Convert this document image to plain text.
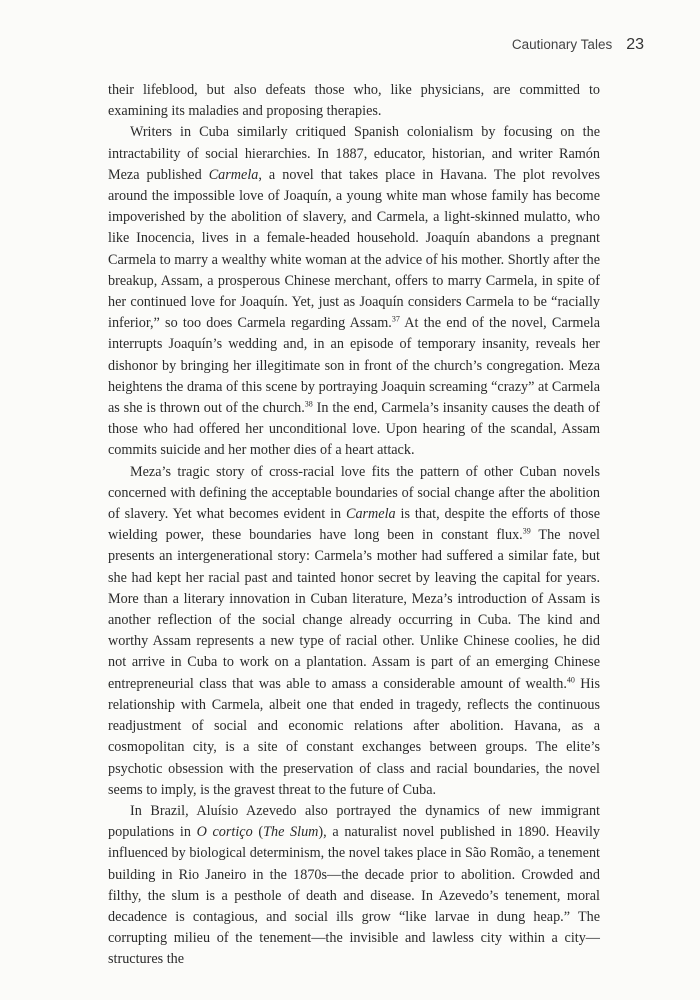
Cautionary Tales 23

their lifeblood, but also defeats those who, like physicians, are committed to examining its maladies and proposing therapies.

Writers in Cuba similarly critiqued Spanish colonialism by focusing on the intractability of social hierarchies. In 1887, educator, historian, and writer Ramón Meza published Carmela, a novel that takes place in Havana. The plot revolves around the impossible love of Joaquín, a young white man whose family has become impoverished by the abolition of slavery, and Carmela, a light-skinned mulatto, who like Inocencia, lives in a female-headed household. Joaquín abandons a pregnant Carmela to marry a wealthy white woman at the advice of his mother. Shortly after the breakup, Assam, a prosperous Chinese merchant, offers to marry Carmela, in spite of her continued love for Joaquín. Yet, just as Joaquín considers Carmela to be “racially inferior,” so too does Carmela regarding Assam.$^{37}$ At the end of the novel, Carmela interrupts Joaquín’s wedding and, in an episode of temporary insanity, reveals her dishonor by bringing her illegitimate son in front of the church’s congregation. Meza heightens the drama of this scene by portraying Joaquin screaming “crazy” at Carmela as she is thrown out of the church.$^{38}$ In the end, Carmela’s insanity causes the death of those who had offered her unconditional love. Upon hearing of the scandal, Assam commits suicide and her mother dies of a heart attack.

Meza’s tragic story of cross-racial love fits the pattern of other Cuban novels concerned with defining the acceptable boundaries of social change after the abolition of slavery. Yet what becomes evident in Carmela is that, despite the efforts of those wielding power, these boundaries have long been in constant flux.$^{39}$ The novel presents an intergenerational story: Carmela’s mother had suffered a similar fate, but she had kept her racial past and tainted honor secret by leaving the capital for years. More than a literary innovation in Cuban literature, Meza’s introduction of Assam is another reflection of the social change already occurring in Cuba. The kind and worthy Assam represents a new type of racial other. Unlike Chinese coolies, he did not arrive in Cuba to work on a plantation. Assam is part of an emerging Chinese entrepreneurial class that was able to amass a considerable amount of wealth.$^{40}$ His relationship with Carmela, albeit one that ended in tragedy, reflects the continuous readjustment of social and economic relations after abolition. Havana, as a cosmopolitan city, is a site of constant exchanges between groups. The elite’s psychotic obsession with the preservation of class and racial boundaries, the novel seems to imply, is the gravest threat to the future of Cuba.

In Brazil, Aluísio Azevedo also portrayed the dynamics of new immigrant populations in O cortiço (The Slum), a naturalist novel published in 1890. Heavily influenced by biological determinism, the novel takes place in São Romão, a tenement building in Rio Janeiro in the 1870s—the decade prior to abolition. Crowded and filthy, the slum is a pesthole of death and disease. In Azevedo’s tenement, moral decadence is contagious, and social ills grow “like larvae in dung heap.” The corrupting milieu of the tenement—the invisible and lawless city within a city—structures the
